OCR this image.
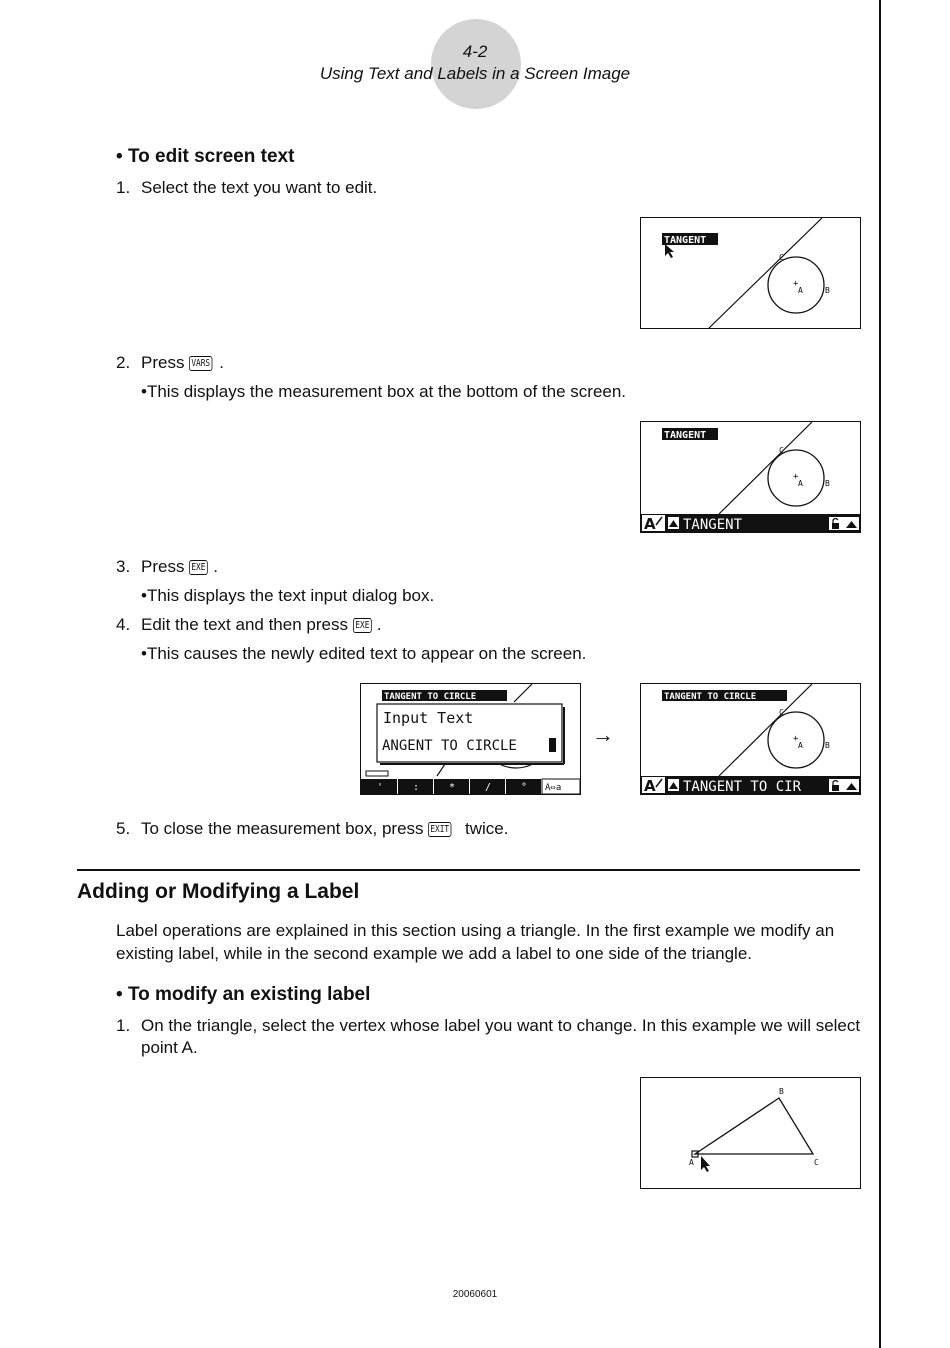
4-2
Using Text and Labels in a Screen Image
• To edit screen text
1. Select the text you want to edit.
TANGENT
+
A	B
C
2. Press VARS .
•This displays the measurement box at the bottom of the screen.
TANGENT
+
A	B
C
A TANGENT
3. Press EXE .
•This displays the text input dialog box.
4. Edit the text and then press EXE .
•This causes the newly edited text to appear on the screen.
TANGENT TO CIRCLE
Input Text
ANGENT TO CIRCLE
'	:	*	/	° A⇔a
→
TANGENT TO CIRCLE
+
A	B
C
A TANGENT TO CIR
5. To close the measurement box, press EXIT twice.
Adding or Modifying a Label
Label operations are explained in this section using a triangle. In the first example we modify an existing label, while in the second example we add a label to one side of the triangle.
• To modify an existing label
1. On the triangle, select the vertex whose label you want to change. In this example we will select point A.
A
B
C
20060601
